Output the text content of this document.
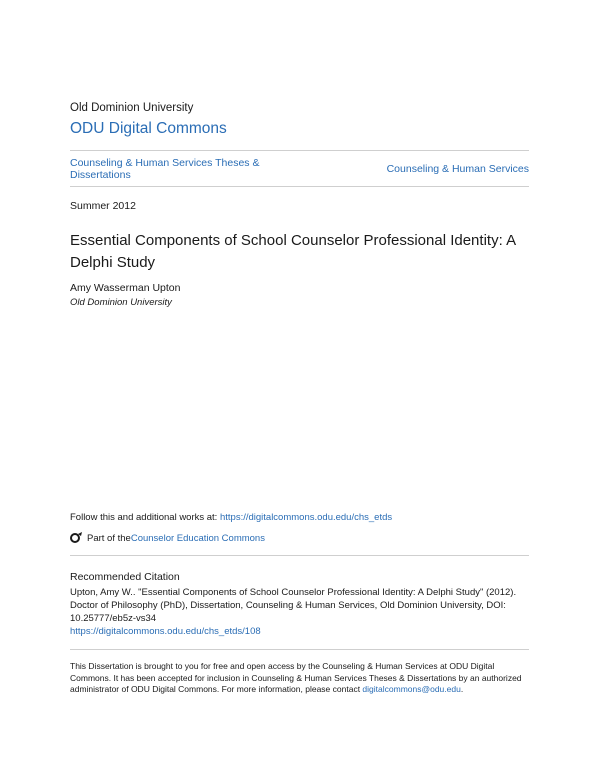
Old Dominion University
ODU Digital Commons
Counseling & Human Services Theses & Dissertations	Counseling & Human Services
Summer 2012
Essential Components of School Counselor Professional Identity: A Delphi Study
Amy Wasserman Upton
Old Dominion University
Follow this and additional works at: https://digitalcommons.odu.edu/chs_etds
Part of the Counselor Education Commons
Recommended Citation
Upton, Amy W.. "Essential Components of School Counselor Professional Identity: A Delphi Study" (2012). Doctor of Philosophy (PhD), Dissertation, Counseling & Human Services, Old Dominion University, DOI: 10.25777/eb5z-vs34
https://digitalcommons.odu.edu/chs_etds/108
This Dissertation is brought to you for free and open access by the Counseling & Human Services at ODU Digital Commons. It has been accepted for inclusion in Counseling & Human Services Theses & Dissertations by an authorized administrator of ODU Digital Commons. For more information, please contact digitalcommons@odu.edu.
